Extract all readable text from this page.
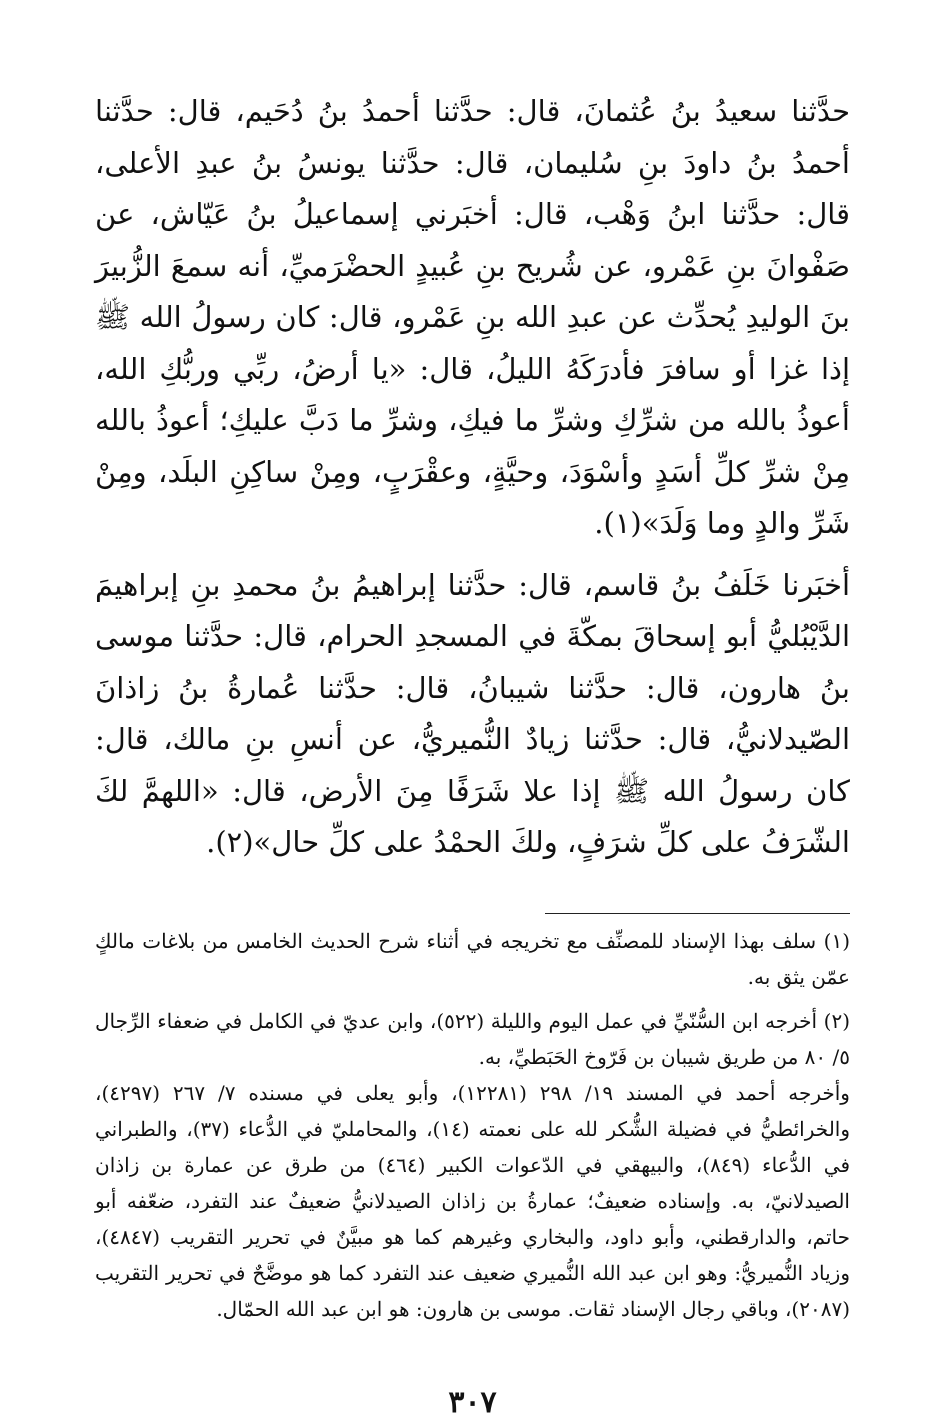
حدَّثنا سعيدُ بنُ عُثمانَ، قال: حدَّثنا أحمدُ بنُ دُحَيم، قال: حدَّثنا أحمدُ بنُ داودَ بنِ سُليمان، قال: حدَّثنا يونسُ بنُ عبدِ الأعلى، قال: حدَّثنا ابنُ وَهْب، قال: أخبَرني إسماعيلُ بنُ عَيّاش، عن صَفْوانَ بنِ عَمْرو، عن شُريح بنِ عُبيدٍ الحضْرَميِّ، أنه سمعَ الزُّبيرَ بنَ الوليدِ يُحدِّث عن عبدِ الله بنِ عَمْرو، قال: كان رسولُ الله ﷺ إذا غزا أو سافرَ فأدرَكَهُ الليلُ، قال: «يا أرضُ، ربِّي وربُّكِ الله، أعوذُ بالله من شرِّكِ وشرِّ ما فيكِ، وشرِّ ما دَبَّ عليكِ؛ أعوذُ بالله مِنْ شرِّ كلِّ أسَدٍ وأسْوَدَ، وحيَّةٍ، وعقْرَبٍ، ومِنْ ساكِنِ البلَد، ومِنْ شَرِّ والدٍ وما وَلَدَ»(١).

أخبَرنا خَلَفُ بنُ قاسم، قال: حدَّثنا إبراهيمُ بنُ محمدِ بنِ إبراهيمَ الدَّيْبُليُّ أبو إسحاقَ بمكّةَ في المسجدِ الحرام، قال: حدَّثنا موسى بنُ هارون، قال: حدَّثنا شيبانُ، قال: حدَّثنا عُمارةُ بنُ زاذانَ الصّيدلانيُّ، قال: حدَّثنا زيادٌ النُّميريُّ، عن أنسِ بنِ مالك، قال: كان رسولُ الله ﷺ إذا علا شَرَفًا مِنَ الأرض، قال: «اللهمَّ لكَ الشّرَفُ على كلِّ شرَفٍ، ولكَ الحمْدُ على كلِّ حال»(٢).

(١) سلف بهذا الإسناد للمصنِّف مع تخريجه في أثناء شرح الحديث الخامس من بلاغات مالكٍ عمّن يثق به.

(٢) أخرجه ابن السُّنّيِّ في عمل اليوم والليلة (٥٢٢)، وابن عديّ في الكامل في ضعفاء الرِّجال ٥/ ٨٠ من طريق شيبان بن فَرّوخ الحَبَطيِّ، به.

وأخرجه أحمد في المسند ١٩/ ٢٩٨ (١٢٢٨١)، وأبو يعلى في مسنده ٧/ ٢٦٧ (٤٢٩٧)، والخرائطيُّ في فضيلة الشُّكر لله على نعمته (١٤)، والمحامليّ في الدُّعاء (٣٧)، والطبراني في الدُّعاء (٨٤٩)، والبيهقي في الدّعوات الكبير (٤٦٤) من طرق عن عمارة بن زاذان الصيدلانيّ، به. وإسناده ضعيفٌ؛ عمارةُ بن زاذان الصيدلانيُّ ضعيفٌ عند التفرد، ضعّفه أبو حاتم، والدارقطني، وأبو داود، والبخاري وغيرهم كما هو مبيَّنٌ في تحرير التقريب (٤٨٤٧)، وزياد النُّميريُّ: وهو ابن عبد الله النُّميري ضعيف عند التفرد كما هو موضَّحٌ في تحرير التقريب (٢٠٨٧)، وباقي رجال الإسناد ثقات. موسى بن هارون: هو ابن عبد الله الحمّال.

٣٠٧
